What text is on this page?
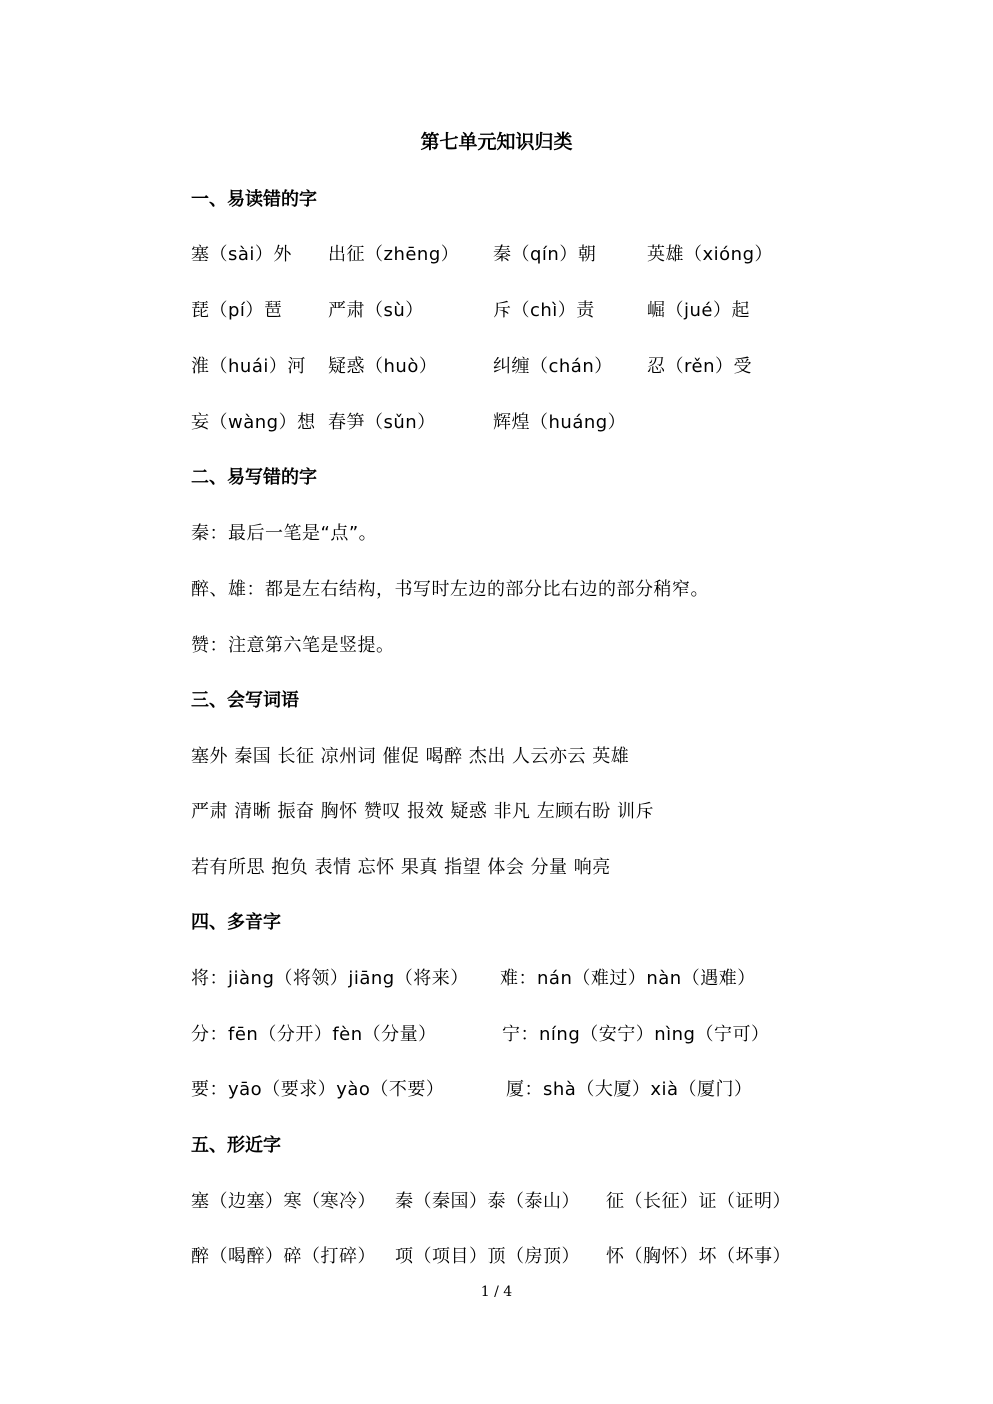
第七单元知识归类
一、易读错的字
塞（sài）外 出征（zhēng） 秦（qín）朝	英雄（xióng）
琵（pí）琶	严肃（sù）	斥（chì）责	崛（jué）起
淮（huái）河 疑惑（huò）	纠缠（chán） 忍（rěn）受
妄（wàng）想 春笋（sǔn）	辉煌（huáng）
二、易写错的字
秦：最后一笔是“点”。
醉、雄：都是左右结构，书写时左边的部分比右边的部分稍窄。
赞：注意第六笔是竖提。
三、会写词语
塞外 秦国 长征 凉州词 催促 喝醉 杰出 人云亦云 英雄
严肃 清晰 振奋 胸怀 赞叹 报效 疑惑 非凡 左顾右盼 训斥
若有所思 抱负 表情 忘怀 果真 指望 体会 分量 响亮
四、多音字
将：jiàng（将领）jiāng（将来） 难：nán（难过）nàn（遇难）
分：fēn（分开）fèn（分量）	宁：níng（安宁）nìng（宁可）
要：yāo（要求）yào（不要）	厦：shà（大厦）xià（厦门）
五、形近字
塞（边塞）寒（寒冷） 秦（秦国）泰（泰山） 征（长征）证（证明）
醉（喝醉）碎（打碎） 项（项目）顶（房顶） 怀（胸怀）坏（坏事）
1 / 4
